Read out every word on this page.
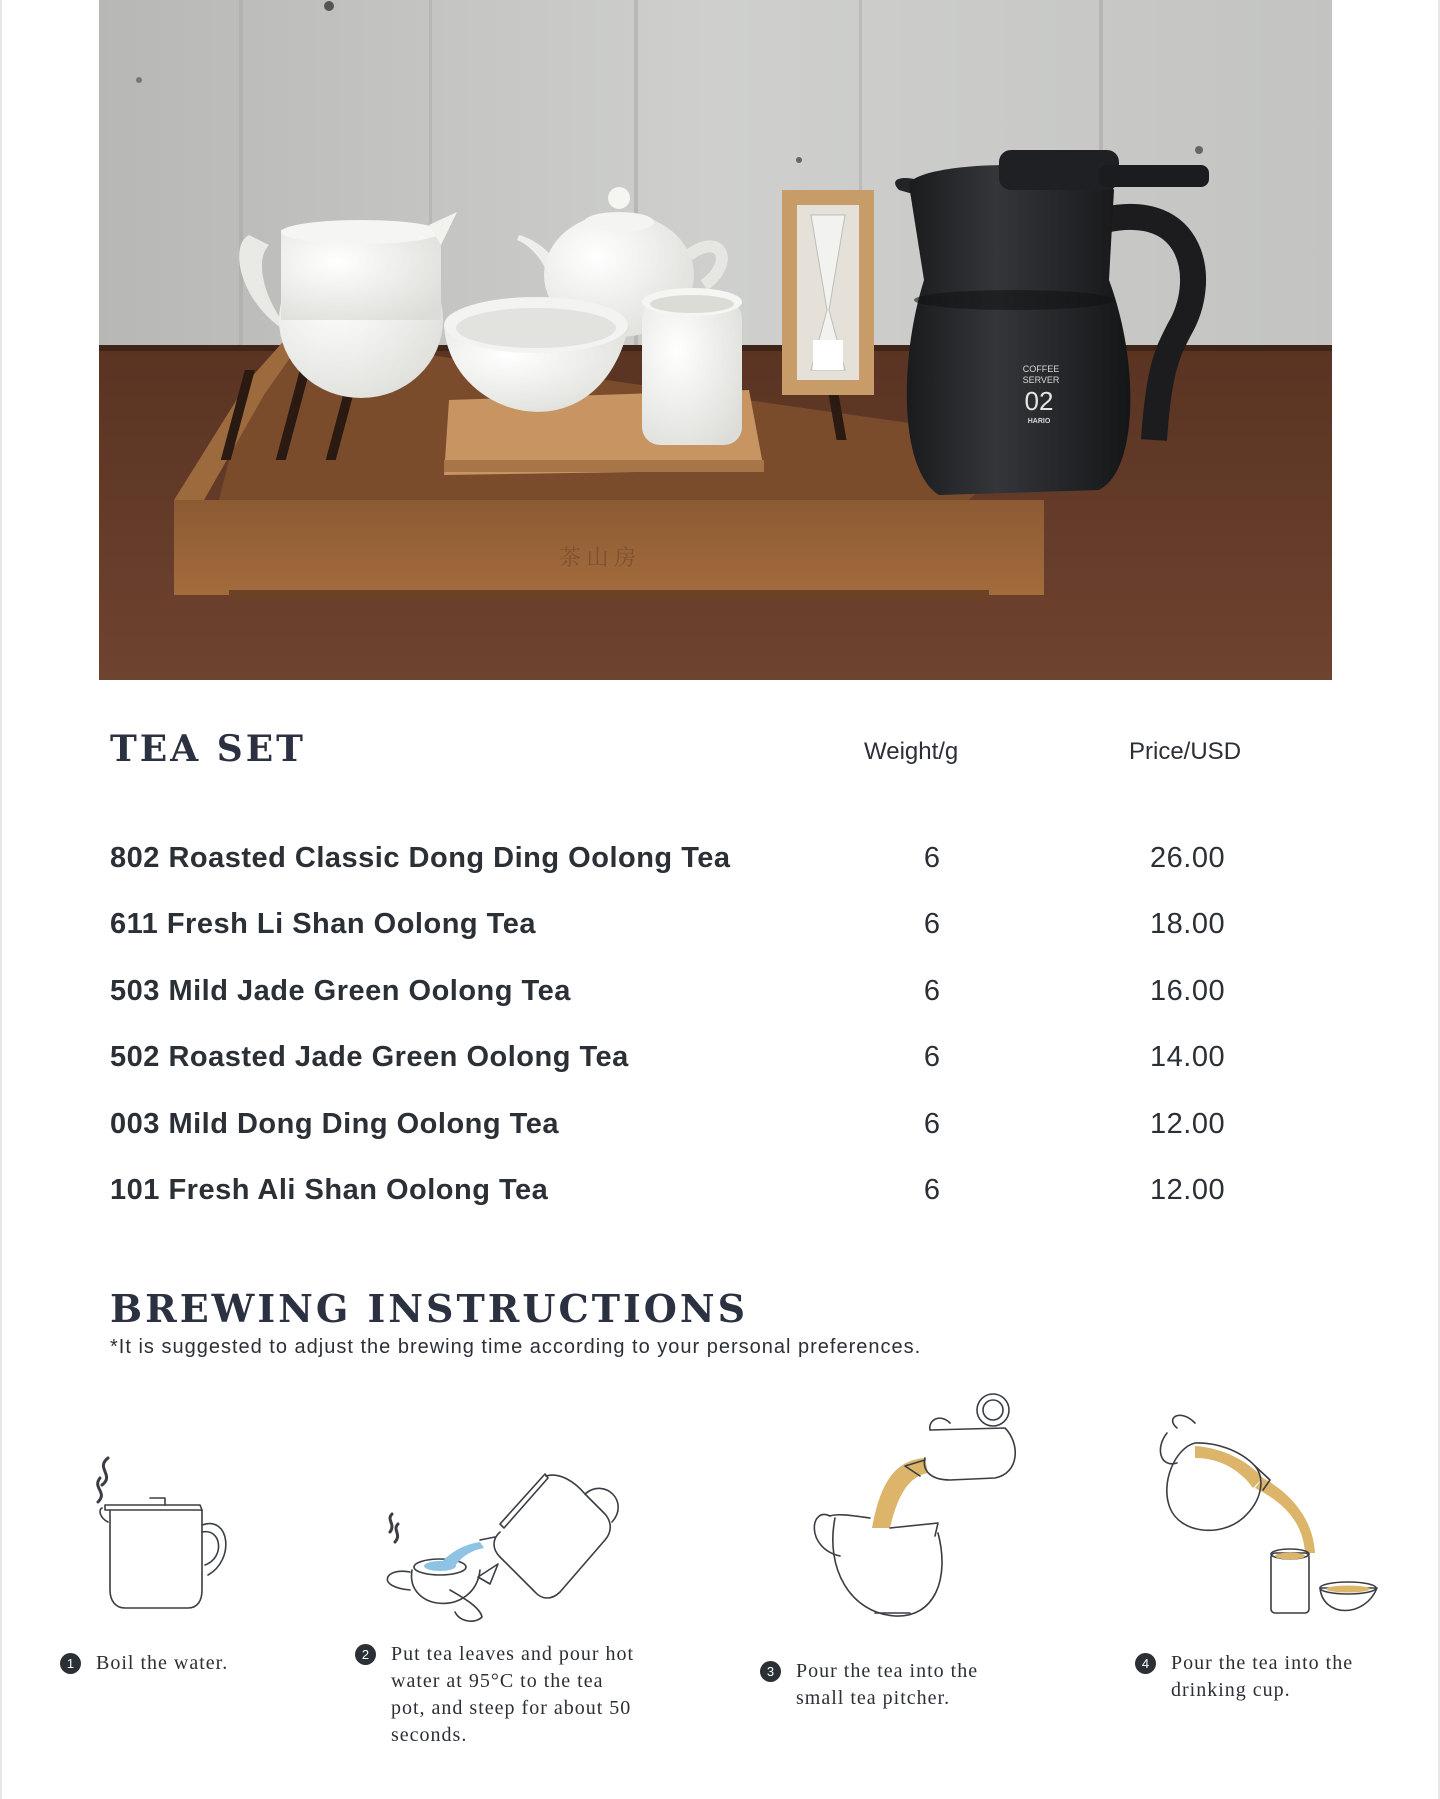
茶 山 房
COFFEE
SERVER
02
HARIO
TEA SET	Weight/g	Price/USD
802 Roasted Classic Dong Ding Oolong Tea	6	26.00
611 Fresh Li Shan Oolong Tea	6	18.00
503 Mild Jade Green Oolong Tea	6	16.00
502 Roasted Jade Green Oolong Tea	6	14.00
003 Mild Dong Ding Oolong Tea	6	12.00
101 Fresh Ali Shan Oolong Tea	6	12.00
BREWING INSTRUCTIONS
*It is suggested to adjust the brewing time according to your personal preferences.
1	Boil the water.	2	Put tea leaves and pour hot water at 95°C to the tea pot, and steep for about 50 seconds.
3	Pour the tea into the small tea pitcher.
4	Pour the tea into the drinking cup.
